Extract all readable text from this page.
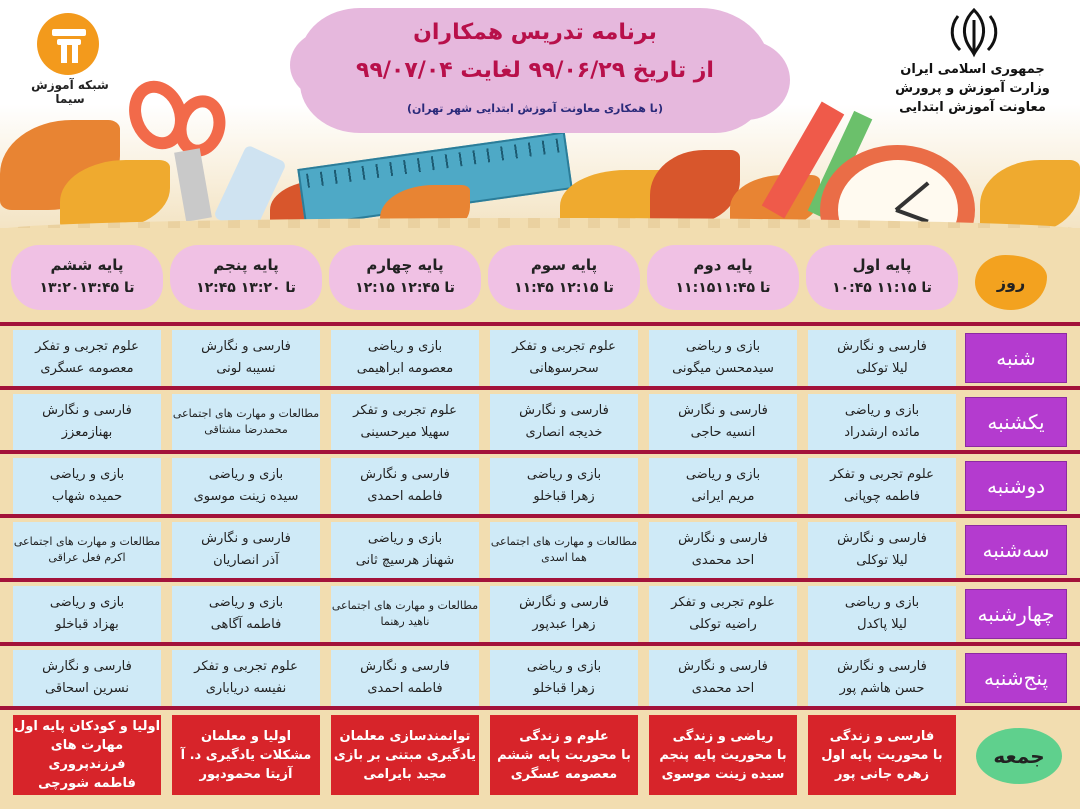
شبکه آموزش سیما
جمهوری اسلامی ایران
وزارت آموزش و پرورش
معاونت آموزش ابتدایی
برنامه تدریس همکاران
از تاریخ ۹۹/۰۶/۲۹ لغایت ۹۹/۰۷/۰۴
(با همکاری معاونت آموزش ابتدایی شهر تهران)
پایه اول
۱۰:۴۵ تا ۱۱:۱۵
پایه دوم
۱۱:۱۵تا ۱۱:۴۵
پایه سوم
۱۱:۴۵ تا ۱۲:۱۵
پایه چهارم
۱۲:۱۵ تا ۱۲:۴۵
پایه پنجم
۱۲:۴۵ تا ۱۳:۲۰
پایه ششم
۱۳:۲۰تا ۱۳:۴۵	روز
شنبه
فارسی و نگارش
لیلا توکلی
بازی و ریاضی
سیدمحسن میگونی
علوم تجربی و تفکر
سحرسوهانی
بازی و ریاضی
معصومه ابراهیمی
فارسی و نگارش
نسیبه لونی
علوم تجربی و تفکر
معصومه عسگری
یکشنبه
بازی و ریاضی
مائده ارشدراد
فارسی و نگارش
انسیه حاجی
فارسی و نگارش
خدیجه انصاری
علوم تجربی و تفکر
سهیلا میرحسینی
مطالعات و مهارت های اجتماعی
محمدرضا مشتاقی
فارسی و نگارش
بهنازمعزز
دوشنبه
علوم تجربی و تفکر
فاطمه چوپانی
بازی و ریاضی
مریم ایرانی
بازی و ریاضی
زهرا قباخلو
فارسی و نگارش
فاطمه احمدی
بازی و ریاضی
سیده زینت موسوی
بازی و ریاضی
حمیده شهاب
سه‌شنبه
فارسی و نگارش
لیلا توکلی
فارسی و نگارش
احد محمدی
مطالعات و مهارت های اجتماعی
هما اسدی
بازی و ریاضی
شهناز هرسیچ ثانی
فارسی و نگارش
آذر انصاریان
مطالعات و مهارت های اجتماعی
اکرم فعل عراقی
چهارشنبه
بازی و ریاضی
لیلا پاکدل
علوم تجربی و تفکر
راضیه توکلی
فارسی و نگارش
زهرا عبدپور
مطالعات و مهارت های اجتماعی
ناهید رهنما
بازی و ریاضی
فاطمه آگاهی
بازی و ریاضی
بهزاد قباخلو
پنج‌شنبه
فارسی و نگارش
حسن هاشم پور
فارسی و نگارش
احد محمدی
بازی و ریاضی
زهرا قباخلو
فارسی و نگارش
فاطمه احمدی
علوم تجربی و تفکر
نفیسه دریاباری
فارسی و نگارش
نسرین اسحاقی
فارسی و زندگی
با محوریت پایه اول
زهره جانی پور
ریاضی و زندگی
با محوریت پایه پنجم
سیده زینت موسوی
علوم و زندگی
با محوریت پایه ششم
معصومه عسگری
توانمندسازی معلمان
یادگیری مبتنی بر بازی
مجید بایرامی
اولیا و معلمان
مشکلات یادگیری د. آ
آزیتا محمودپور
اولیا و کودکان پایه اول
مهارت های فرزندپروری
فاطمه شورچی
جمعه
